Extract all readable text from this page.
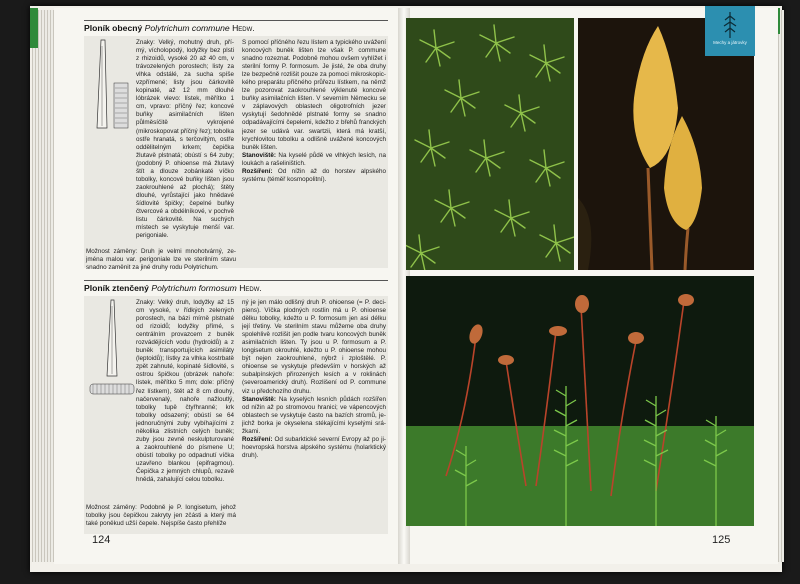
Ploník obecný Polytrichum commune Hedw.
Znaky: Velký, mohutný druh, přímý, vícholopodý, lodyžky bez plsti z rhizoidů, vysoké 20 až 40 cm, v trávozelených porostech; listy za vlhka odstálé, za sucha spíše vzpřímené; listy jsou čárkovitě kopinaté, až 12 mm dlouhé lóbrázek vlevo: lístek, měřítko 1 cm, vpravo: příčný řez; koncové buňky asimilačních lišten půlměsíčitě vykrojené (mikroskopovat příčný řez); tobolka ostře hranatá, s terčovitým, ostře oddělitelným krkem; čepička žlutavě plstnatá; obústí s 64 zuby; (podobný P. ohioense má žlutavý štít a dlouze zobánkaté víčko tobolky, koncové buňky lišten jsou zaokrouhlené až plochá); štěty dlouhé, vyrůstající jako hnědavé šídlovité špičky; čepelné buňky čtvercové a obdélníkové, v pochvě listu čárkovité. Na suchých místech se vyskytuje menší var. perigoniale.
Možnost záměny: Druh je velmi mnohotvárný, zejména malou var. perigoniale lze ve sterilním stavu snadno zaměnit za jiné druhy rodu Polytrichum.
S pomocí příčného řezu lístem a typického uvážení koncových buněk lišten lze však P. commune snadno rozeznat. Podobně mohou ovšem vyhlížet i sterilní formy P. formosum. Je jisté, že oba druhy lze bezpečně rozlišit pouze za pomoci mikroskopického preparátu příčného průřezu lístkem, na němž lze pozorovat zaokrouhlené výklenuté koncové buňky asimilačních lišten. V severním Německu se v záplavových oblastech oligotrofních jezer vyskytují šedohnědé plstnaté formy se snadno odpadávajícími čepelemi, kdežto z břehů franckých jezer se udává var. swartzii, která má kratší, krychlovitou tobolku a odlišně uvážené koncových buněk lišten.
Stanoviště: Na kyselé půdě ve vlhkých lesích, na loukách a rašeliništích.
Rozšíření: Od nížin až do horstev alpského systému (téměř kosmopolitní).
Ploník ztenčený Polytrichum formosum Hedw.
Znaky: Velký druh, lodyžky až 15 cm vysoké, v řídkých zelených porostech, na bázi mírně plstnaté od rizoidů; lodyžky přímé, s centrálním provazcem z buněk rozvádějících vodu (hydroidů) a z buněk transportujících asimiláty (leptoidů); lístky za vlhka kostrbatě zpět zahnuté, kopinaté šídlovité, s ostrou špičkou (obrázek nahoře: lístek, měřítko 5 mm; dole: příčný řez lístkem), štět až 8 cm dlouhý, načervenalý, nahoře nažloutlý, tobolky tupě čtyřhranné; krk tobolky odsazený; obústí se 64 jednoručnými zuby vybíhajícími z několika zlistních celých buněk; zuby jsou zevně neskulpturované a zaokrouhlené do písmene U; obústí tobolky po odpadnutí víčka uzavřeno blankou (epifragmou). Čepička z jemných chlupů, rezavě hnědá, zahalující celou tobolku.
ný je jen málo odlišný druh P. ohioense (= P. decipiens). Víčka plodných rostlin má u P. ohioense dělku tobolky, kdežto u P. formosum jen asi délku její třetiny. Ve sterilním stavu můžeme oba druhy spolehlivě rozlišit jen podle tvaru koncových buněk asimilačních lišten. Ty jsou u P. formosum a P. longisetum okrouhlé, kdežto u P. ohioense mohou být nejen zaokrouhlené, nýbrž i zploštělé. P. ohioense se vyskytuje především v horských až subalpínských přirozených lesích a v roklinách (severoamerický druh). Rozlišení od P. commune viz u předchozího druhu.
Stanoviště: Na kyselých lesních půdách rozšířen od nížin až po stromovou hranici; ve vápencových oblastech se vyskytuje často na bazích stromů, jejichž borka je okyselena stékajícími kyselými srážkami.
Rozšíření: Od subarktické severní Evropy až po jihoevropská horstva alpského systému (holarktický druh).
Možnost záměny: Podobně je P. longisetum, jehož tobolky jsou čepičkou zakryty jen zčásti a který má také poněkud užší čepele. Nejspíše často přehlíže
124	125
Mechy a játrovky
